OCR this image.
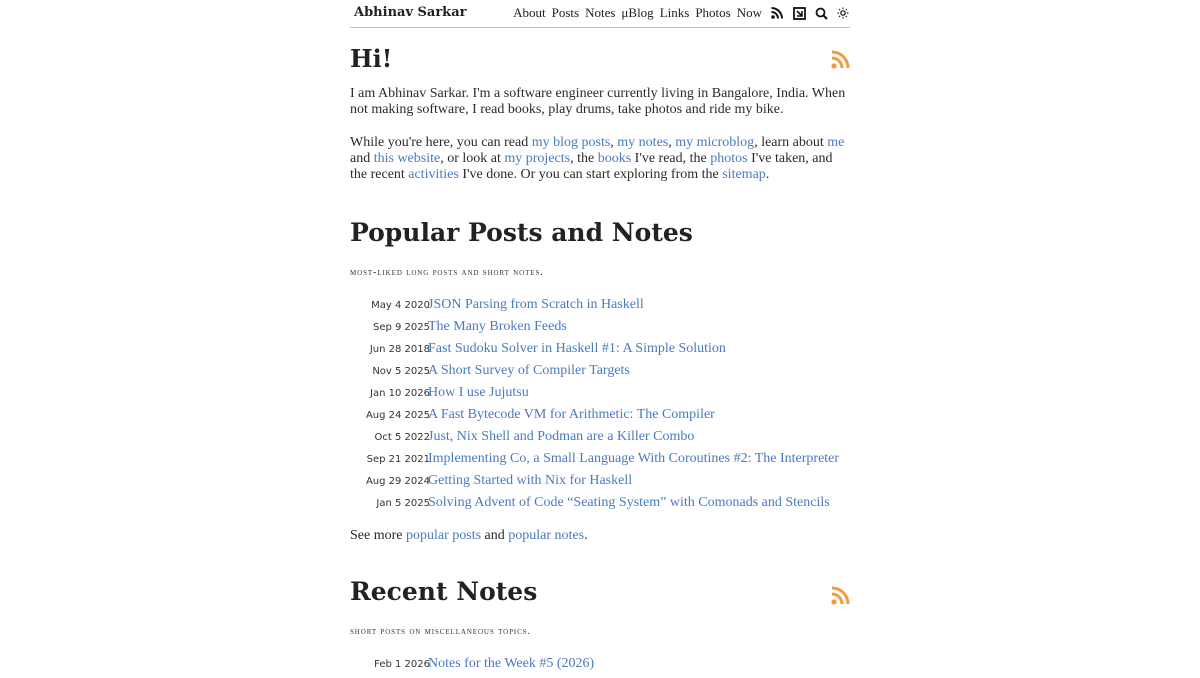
Abhinav Sarkar	About Posts Notes μBlog Links Photos Now
Hi!

I am Abhinav Sarkar. I'm a software engineer currently living in Bangalore, India. When not making software, I read books, play drums, take photos and ride my bike.

While you're here, you can read my blog posts, my notes, my microblog, learn about me and this website, or look at my projects, the books I've read, the photos I've taken, and the recent activities I've done. Or you can start exploring from the sitemap.

Popular Posts and Notes

most-liked long posts and short notes.

May 4 2020
JSON Parsing from Scratch in Haskell
Sep 9 2025
The Many Broken Feeds
Jun 28 2018
Fast Sudoku Solver in Haskell #1: A Simple Solution
Nov 5 2025
A Short Survey of Compiler Targets
Jan 10 2026
How I use Jujutsu
Aug 24 2025
A Fast Bytecode VM for Arithmetic: The Compiler
Oct 5 2022
Just, Nix Shell and Podman are a Killer Combo
Sep 21 2021
Implementing Co, a Small Language With Coroutines #2: The Interpreter
Aug 29 2024
Getting Started with Nix for Haskell
Jan 5 2025
Solving Advent of Code “Seating System” with Comonads and Stencils

See more popular posts and popular notes.

Recent Notes

short posts on miscellaneous topics.

Feb 1 2026
Notes for the Week #5 (2026)
